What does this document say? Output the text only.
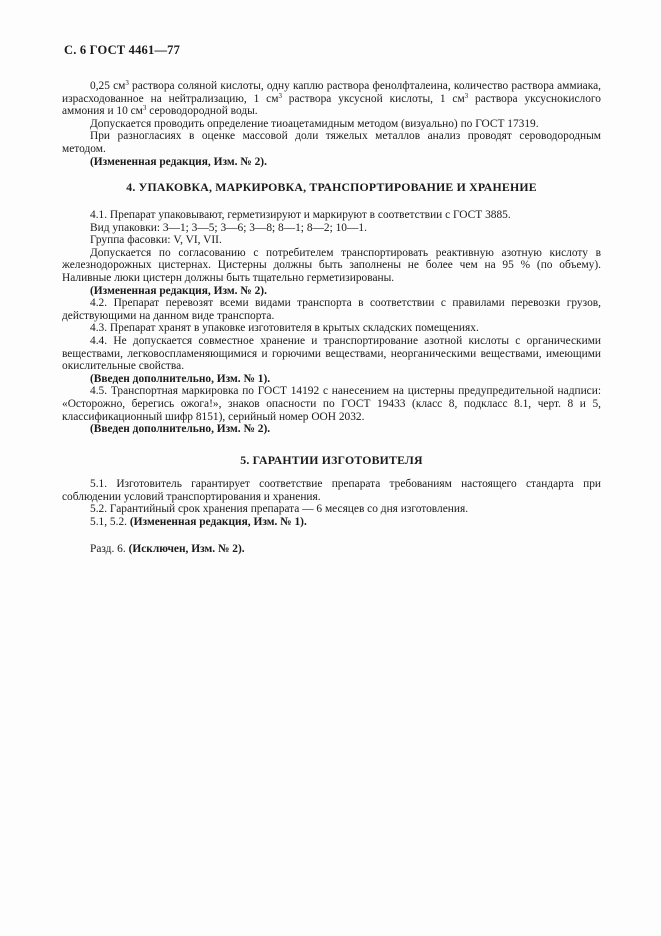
С. 6 ГОСТ 4461—77

0,25 $см^3$ раствора соляной кислоты, одну каплю раствора фенолфталеина, количество раствора аммиака, израсходованное на нейтрализацию, 1 $см^3$ раствора уксусной кислоты, 1 $см^3$ раствора уксуснокислого аммония и 10 $см^3$ сероводородной воды.

Допускается проводить определение тиоацетамидным методом (визуально) по ГОСТ 17319.

При разногласиях в оценке массовой доли тяжелых металлов анализ проводят сероводородным методом.

(Измененная редакция, Изм. № 2).

4. УПАКОВКА, МАРКИРОВКА, ТРАНСПОРТИРОВАНИЕ И ХРАНЕНИЕ

4.1. Препарат упаковывают, герметизируют и маркируют в соответствии с ГОСТ 3885.

Вид упаковки: 3—1; 3—5; 3—6; 3—8; 8—1; 8—2; 10—1.

Группа фасовки: V, VI, VII.

Допускается по согласованию с потребителем транспортировать реактивную азотную кислоту в железнодорожных цистернах. Цистерны должны быть заполнены не более чем на 95 % (по объему). Наливные люки цистерн должны быть тщательно герметизированы.

(Измененная редакция, Изм. № 2).

4.2. Препарат перевозят всеми видами транспорта в соответствии с правилами перевозки грузов, действующими на данном виде транспорта.

4.3. Препарат хранят в упаковке изготовителя в крытых складских помещениях.

4.4. Не допускается совместное хранение и транспортирование азотной кислоты с органическими веществами, легковоспламеняющимися и горючими веществами, неорганическими веществами, имеющими окислительные свойства.

(Введен дополнительно, Изм. № 1).

4.5. Транспортная маркировка по ГОСТ 14192 с нанесением на цистерны предупредительной надписи: «Осторожно, берегись ожога!», знаков опасности по ГОСТ 19433 (класс 8, подкласс 8.1, черт. 8 и 5, классификационный шифр 8151), серийный номер ООН 2032.

(Введен дополнительно, Изм. № 2).

5. ГАРАНТИИ ИЗГОТОВИТЕЛЯ

5.1. Изготовитель гарантирует соответствие препарата требованиям настоящего стандарта при соблюдении условий транспортирования и хранения.

5.2. Гарантийный срок хранения препарата — 6 месяцев со дня изготовления.

5.1, 5.2. (Измененная редакция, Изм. № 1).

Разд. 6. (Исключен, Изм. № 2).
